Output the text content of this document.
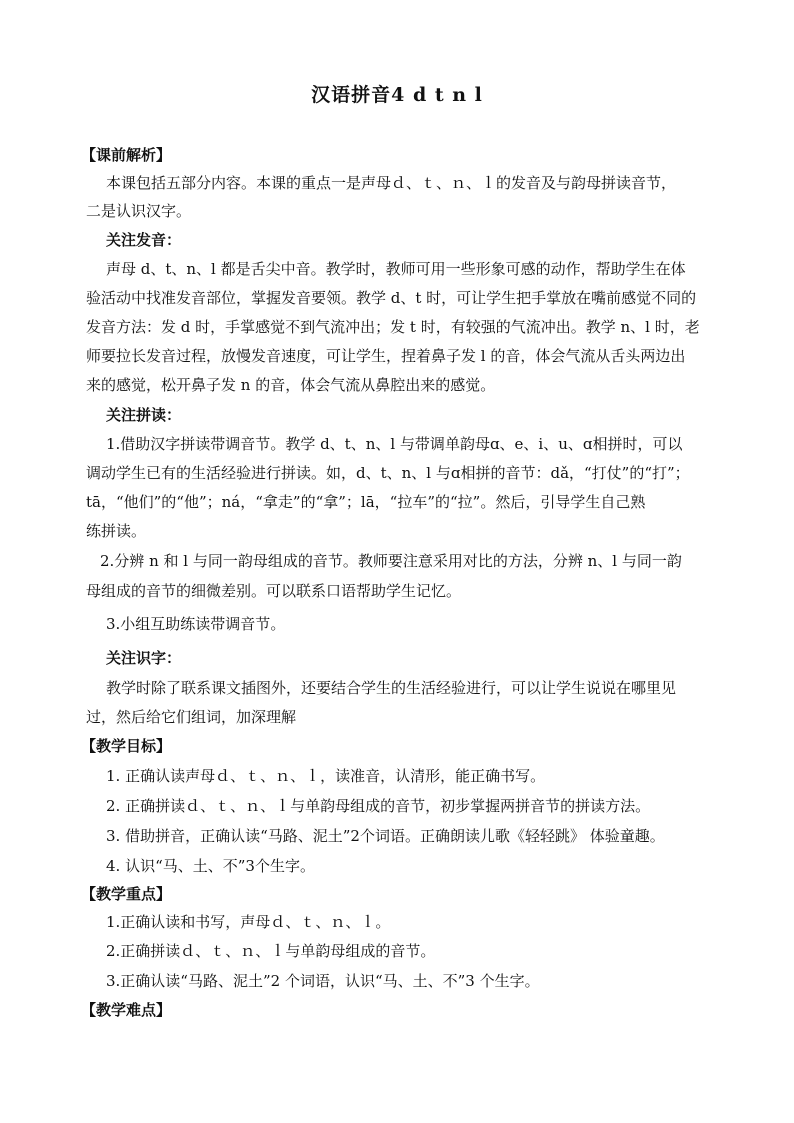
汉语拼音4 d t n l
【课前解析】
本课包括五部分内容。本课的重点一是声母ｄ、ｔ、ｎ、ｌ的发音及与韵母拼读音节，
二是认识汉字。
关注发音：
声母 d、t、n、l 都是舌尖中音。教学时，教师可用一些形象可感的动作，帮助学生在体
验活动中找准发音部位，掌握发音要领。教学 d、t 时，可让学生把手掌放在嘴前感觉不同的
发音方法：发 d 时，手掌感觉不到气流冲出；发 t 时，有较强的气流冲出。教学 n、l 时，老
师要拉长发音过程，放慢发音速度，可让学生，捏着鼻子发 l 的音，体会气流从舌头两边出
来的感觉，松开鼻子发 n 的音，体会气流从鼻腔出来的感觉。
关注拼读：
1.借助汉字拼读带调音节。教学 d、t、n、l 与带调单韵母ɑ、e、i、u、ɑ相拼时，可以
调动学生已有的生活经验进行拼读。如，d、t、n、l 与ɑ相拼的音节：dǎ，“打仗”的“打”；
tā，“他们”的“他”；ná，“拿走”的“拿”；lā，“拉车”的“拉”。然后，引导学生自己熟
练拼读。
2.分辨 n 和 l 与同一韵母组成的音节。教师要注意采用对比的方法，分辨 n、l 与同一韵
母组成的音节的细微差别。可以联系口语帮助学生记忆。
3.小组互助练读带调音节。
关注识字：
教学时除了联系课文插图外，还要结合学生的生活经验进行，可以让学生说说在哪里见
过，然后给它们组词，加深理解
【教学目标】
1. 正确认读声母ｄ、ｔ、ｎ、ｌ，读准音，认清形，能正确书写。
2. 正确拼读ｄ、ｔ、ｎ、ｌ与单韵母组成的音节，初步掌握两拼音节的拼读方法。
3. 借助拼音，正确认读“马路、泥土”2个词语。正确朗读儿歌《轻轻跳》 体验童趣。
4. 认识“马、土、不”3个生字。
【教学重点】
1.正确认读和书写，声母ｄ、ｔ、ｎ、ｌ。
2.正确拼读ｄ、ｔ、ｎ、ｌ与单韵母组成的音节。
3.正确认读“马路、泥土”2 个词语，认识“马、土、不”3 个生字。
【教学难点】
